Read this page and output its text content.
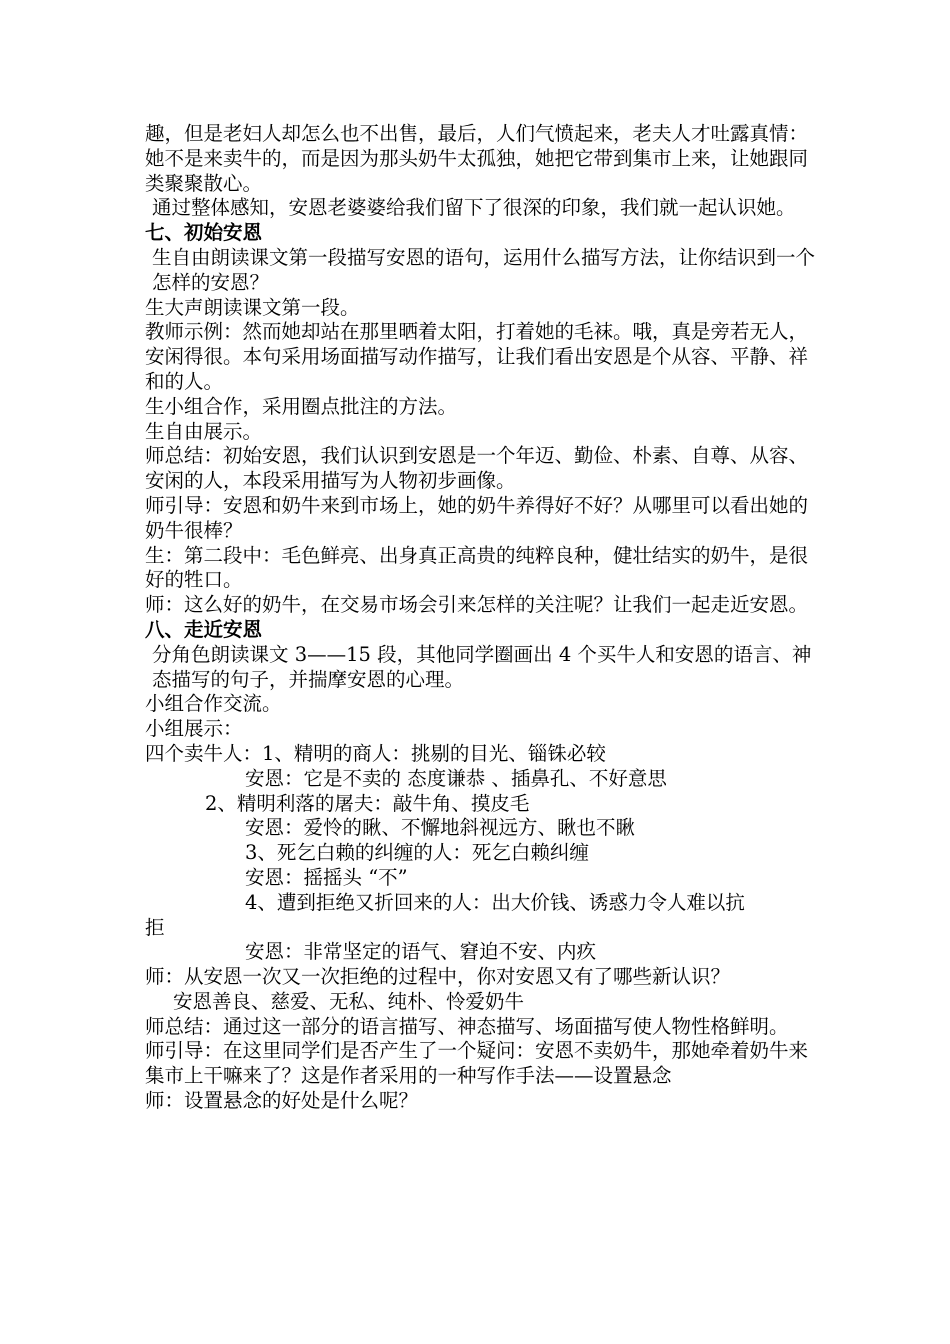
趣，但是老妇人却怎么也不出售，最后，人们气愤起来，老夫人才吐露真情：她不是来卖牛的，而是因为那头奶牛太孤独，她把它带到集市上来，让她跟同类聚聚散心。

通过整体感知，安恩老婆婆给我们留下了很深的印象，我们就一起认识她。

七、初始安恩

生自由朗读课文第一段描写安恩的语句，运用什么描写方法，让你结识到一个怎样的安恩？

生大声朗读课文第一段。

教师示例：然而她却站在那里晒着太阳，打着她的毛袜。哦，真是旁若无人，安闲得很。本句采用场面描写动作描写，让我们看出安恩是个从容、平静、祥和的人。

生小组合作，采用圈点批注的方法。

生自由展示。

师总结：初始安恩，我们认识到安恩是一个年迈、勤俭、朴素、自尊、从容、安闲的人，本段采用描写为人物初步画像。

师引导：安恩和奶牛来到市场上，她的奶牛养得好不好？从哪里可以看出她的奶牛很棒？

生：第二段中：毛色鲜亮、出身真正高贵的纯粹良种，健壮结实的奶牛，是很好的牲口。

师：这么好的奶牛，在交易市场会引来怎样的关注呢？让我们一起走近安恩。

八、走近安恩

分角色朗读课文 3——15 段，其他同学圈画出 4 个买牛人和安恩的语言、神态描写的句子，并揣摩安恩的心理。

小组合作交流。

小组展示：

四个卖牛人：1、精明的商人：挑剔的目光、锱铢必较

安恩：它是不卖的 态度谦恭 、插鼻孔、不好意思

2、精明利落的屠夫：敲牛角、摸皮毛

安恩：爱怜的瞅、不懈地斜视远方、瞅也不瞅

3、死乞白赖的纠缠的人：死乞白赖纠缠

安恩：摇摇头 “不”

4、遭到拒绝又折回来的人：出大价钱、诱惑力令人难以抗

拒

安恩：非常坚定的语气、窘迫不安、内疚

师：从安恩一次又一次拒绝的过程中，你对安恩又有了哪些新认识？

安恩善良、慈爱、无私、纯朴、怜爱奶牛

师总结：通过这一部分的语言描写、神态描写、场面描写使人物性格鲜明。

师引导：在这里同学们是否产生了一个疑问：安恩不卖奶牛，那她牵着奶牛来集市上干嘛来了？这是作者采用的一种写作手法——设置悬念

师：设置悬念的好处是什么呢？
